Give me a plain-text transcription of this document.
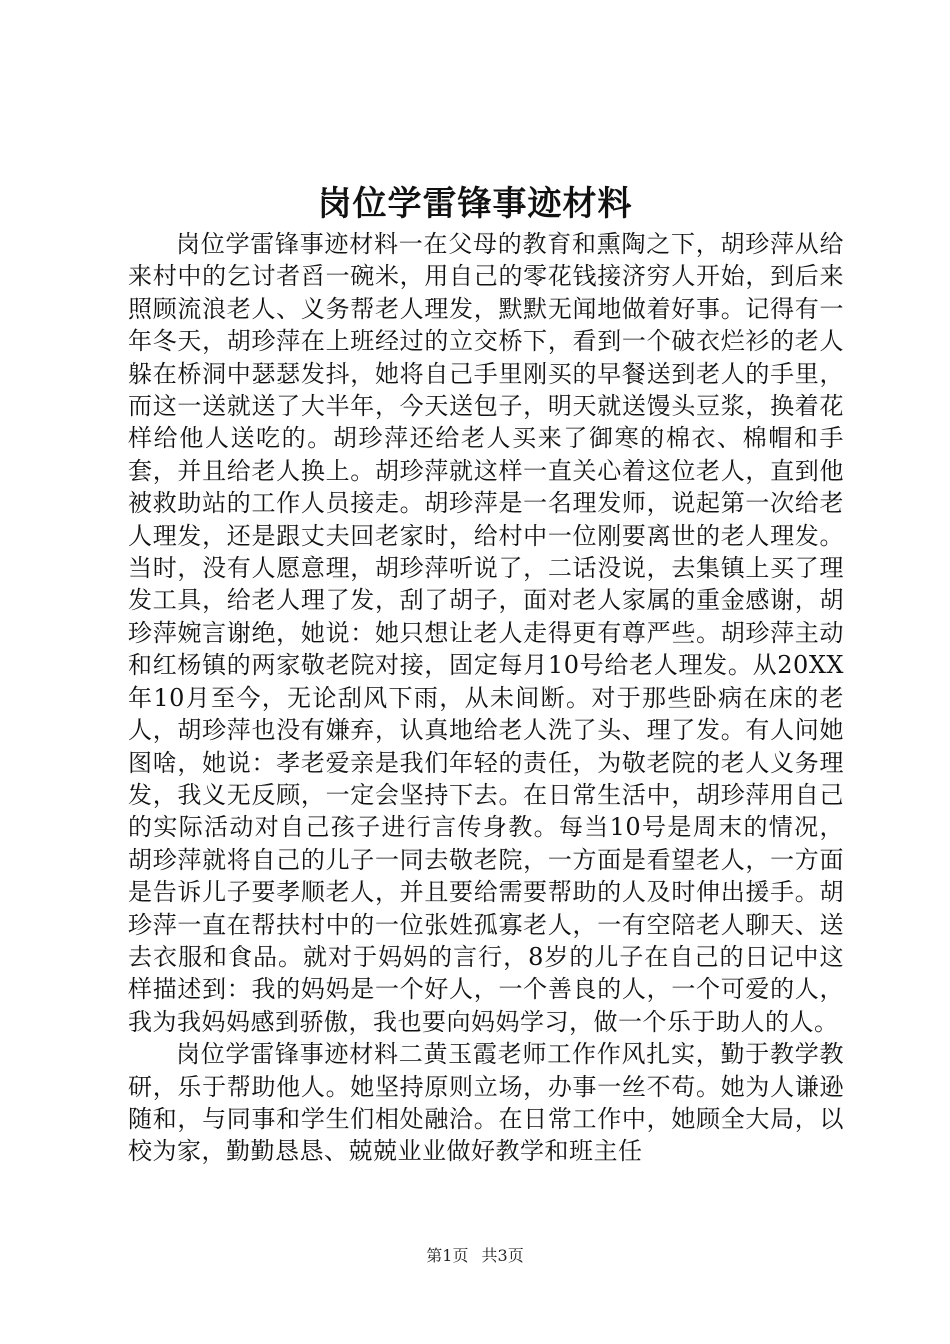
岗位学雷锋事迹材料

岗位学雷锋事迹材料一在父母的教育和熏陶之下，胡珍萍从给来村中的乞讨者舀一碗米，用自己的零花钱接济穷人开始，到后来照顾流浪老人、义务帮老人理发，默默无闻地做着好事。记得有一年冬天，胡珍萍在上班经过的立交桥下，看到一个破衣烂衫的老人躲在桥洞中瑟瑟发抖，她将自己手里刚买的早餐送到老人的手里，而这一送就送了大半年，今天送包子，明天就送馒头豆浆，换着花样给他人送吃的。胡珍萍还给老人买来了御寒的棉衣、棉帽和手套，并且给老人换上。胡珍萍就这样一直关心着这位老人，直到他被救助站的工作人员接走。胡珍萍是一名理发师，说起第一次给老人理发，还是跟丈夫回老家时，给村中一位刚要离世的老人理发。当时，没有人愿意理，胡珍萍听说了，二话没说，去集镇上买了理发工具，给老人理了发，刮了胡子，面对老人家属的重金感谢，胡珍萍婉言谢绝，她说：她只想让老人走得更有尊严些。胡珍萍主动和红杨镇的两家敬老院对接，固定每月10号给老人理发。从20XX年10月至今，无论刮风下雨，从未间断。对于那些卧病在床的老人，胡珍萍也没有嫌弃，认真地给老人洗了头、理了发。有人问她图啥，她说：孝老爱亲是我们年轻的责任，为敬老院的老人义务理发，我义无反顾，一定会坚持下去。在日常生活中，胡珍萍用自己的实际活动对自己孩子进行言传身教。每当10号是周末的情况，胡珍萍就将自己的儿子一同去敬老院，一方面是看望老人，一方面是告诉儿子要孝顺老人，并且要给需要帮助的人及时伸出援手。胡珍萍一直在帮扶村中的一位张姓孤寡老人，一有空陪老人聊天、送去衣服和食品。就对于妈妈的言行，8岁的儿子在自己的日记中这样描述到：我的妈妈是一个好人，一个善良的人，一个可爱的人，我为我妈妈感到骄傲，我也要向妈妈学习，做一个乐于助人的人。

岗位学雷锋事迹材料二黄玉霞老师工作作风扎实，勤于教学教研，乐于帮助他人。她坚持原则立场，办事一丝不苟。她为人谦逊随和，与同事和学生们相处融洽。在日常工作中，她顾全大局，以校为家，勤勤恳恳、兢兢业业做好教学和班主任

第1页 共3页
